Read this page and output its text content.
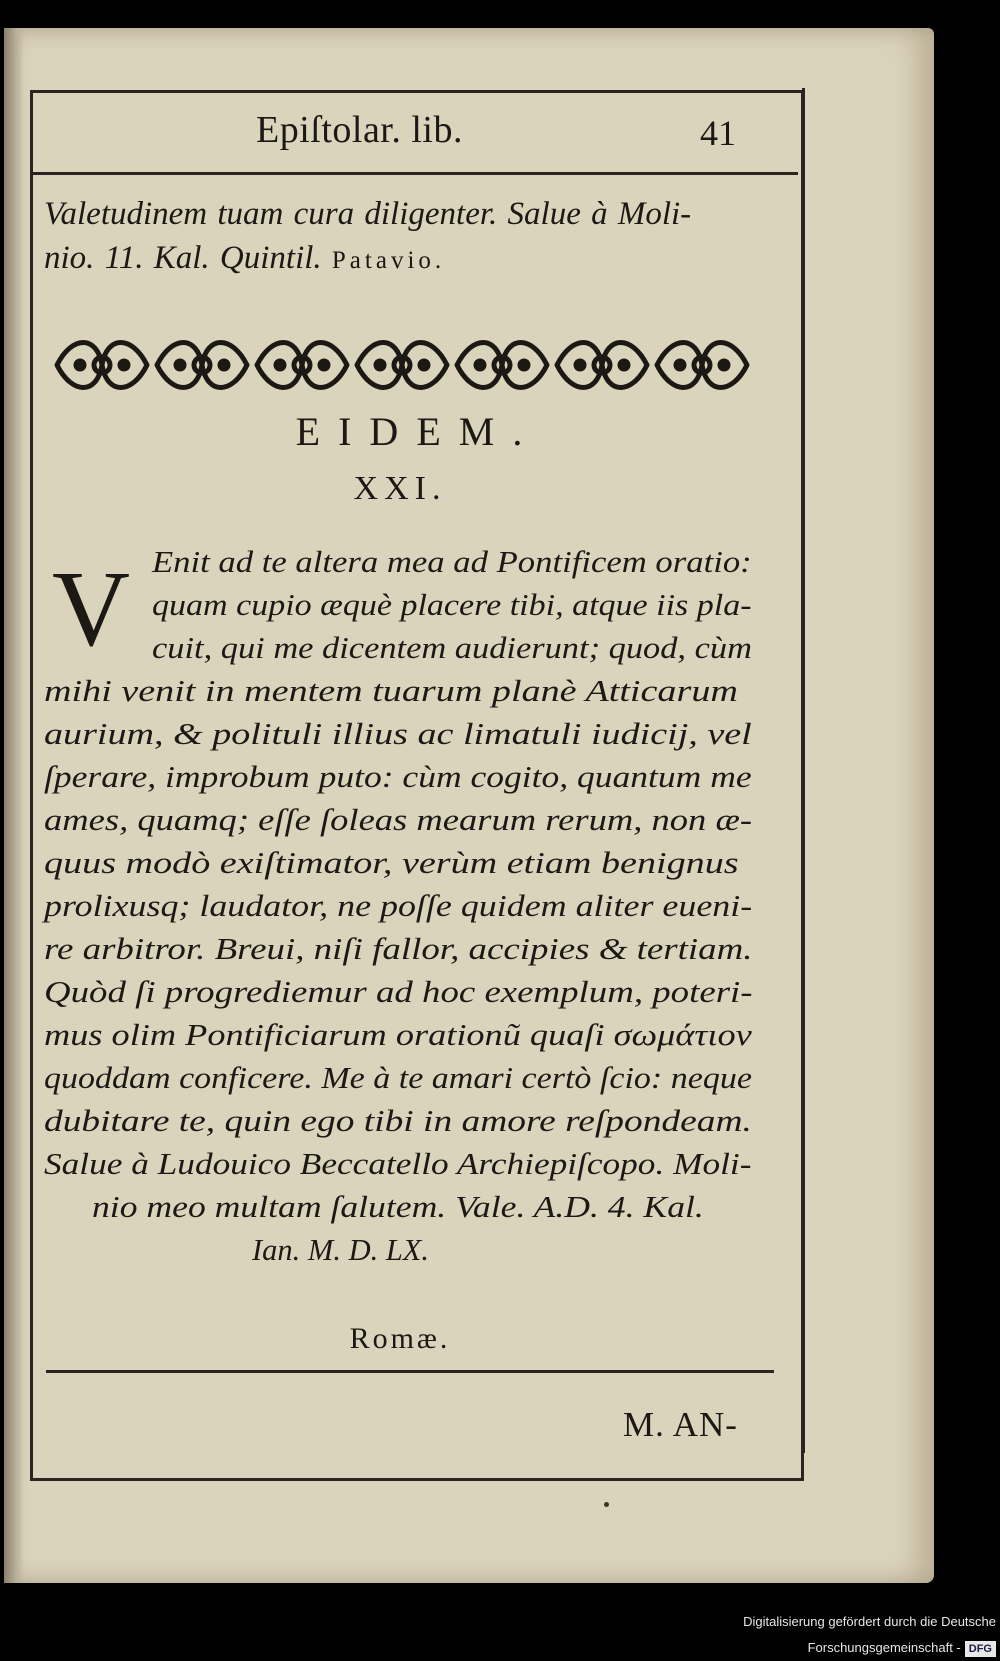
Epiſtolar. lib.	41
Valetudinem tuam cura diligenter. Salue à Moli-
nio. 11. Kal. Quintil. Patavio.
EIDEM.
XXI.
V Enit ad te altera mea ad Pontificem oratio:
quam cupio æquè placere tibi, atque iis pla-
cuit, qui me dicentem audierunt; quod, cùm
mihi venit in mentem tuarum planè Atticarum
aurium, & polituli illius ac limatuli iudicij, vel
ſperare, improbum puto: cùm cogito, quantum me
ames, quamq; eſſe ſoleas mearum rerum, non æ-
quus modò exiſtimator, verùm etiam benignus
prolixusq; laudator, ne poſſe quidem aliter eueni-
re arbitror. Breui, niſi fallor, accipies & tertiam.
Quòd ſi progrediemur ad hoc exemplum, poteri-
mus olim Pontificiarum orationũ quaſi σωμάτιον
quoddam conficere. Me à te amari certò ſcio: neque
dubitare te, quin ego tibi in amore reſpondeam.
Salue à Ludouico Beccatello Archiepiſcopo. Moli-
nio meo multam ſalutem. Vale. A.D. 4. Kal.
Ian. M. D. LX.
Romæ.
M. AN-
Digitalisierung gefördert durch die Deutsche Forschungsgemeinschaft - DFG
